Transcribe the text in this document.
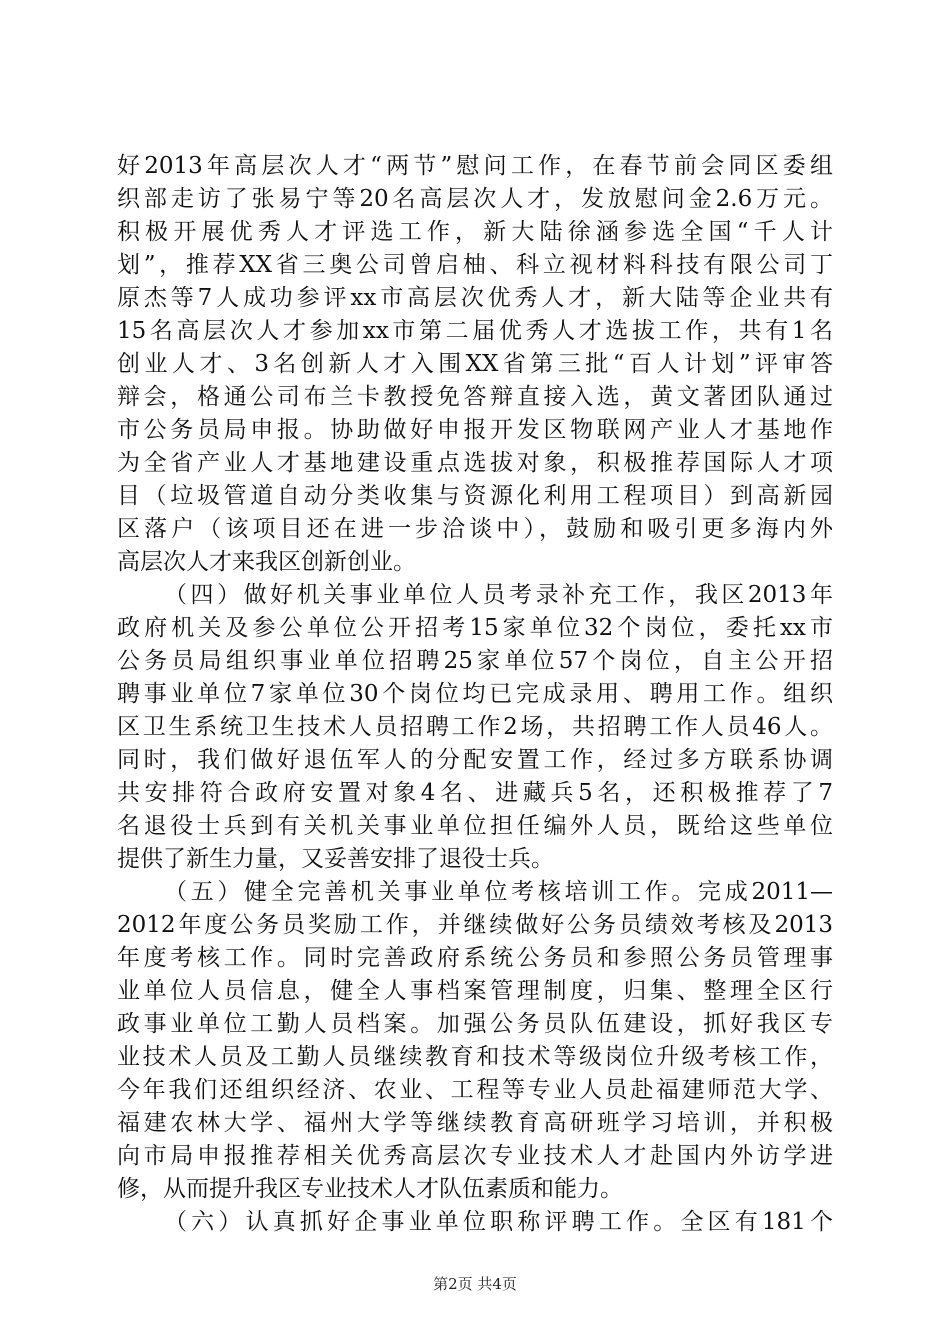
好2013年高层次人才“两节”慰问工作，在春节前会同区委组
织部走访了张易宁等20名高层次人才，发放慰问金2.6万元。
积极开展优秀人才评选工作，新大陆徐涵参选全国“千人计
划”，推荐XX省三奥公司曾启柚、科立视材料科技有限公司丁
原杰等7人成功参评xx市高层次优秀人才，新大陆等企业共有
15名高层次人才参加xx市第二届优秀人才选拔工作，共有1名
创业人才、3名创新人才入围XX省第三批“百人计划”评审答
辩会，格通公司布兰卡教授免答辩直接入选，黄文著团队通过
市公务员局申报。协助做好申报开发区物联网产业人才基地作
为全省产业人才基地建设重点选拔对象，积极推荐国际人才项
目（垃圾管道自动分类收集与资源化利用工程项目）到高新园
区落户（该项目还在进一步洽谈中），鼓励和吸引更多海内外
高层次人才来我区创新创业。
（四）做好机关事业单位人员考录补充工作，我区2013年
政府机关及参公单位公开招考15家单位32个岗位，委托xx市
公务员局组织事业单位招聘25家单位57个岗位，自主公开招
聘事业单位7家单位30个岗位均已完成录用、聘用工作。组织
区卫生系统卫生技术人员招聘工作2场，共招聘工作人员46人。
同时，我们做好退伍军人的分配安置工作，经过多方联系协调
共安排符合政府安置对象4名、进藏兵5名，还积极推荐了7
名退役士兵到有关机关事业单位担任编外人员，既给这些单位
提供了新生力量，又妥善安排了退役士兵。
（五）健全完善机关事业单位考核培训工作。完成2011—
2012年度公务员奖励工作，并继续做好公务员绩效考核及2013
年度考核工作。同时完善政府系统公务员和参照公务员管理事
业单位人员信息，健全人事档案管理制度，归集、整理全区行
政事业单位工勤人员档案。加强公务员队伍建设，抓好我区专
业技术人员及工勤人员继续教育和技术等级岗位升级考核工作，
今年我们还组织经济、农业、工程等专业人员赴福建师范大学、
福建农林大学、福州大学等继续教育高研班学习培训，并积极
向市局申报推荐相关优秀高层次专业技术人才赴国内外访学进
修，从而提升我区专业技术人才队伍素质和能力。
（六）认真抓好企事业单位职称评聘工作。全区有181个
第2页 共4页
